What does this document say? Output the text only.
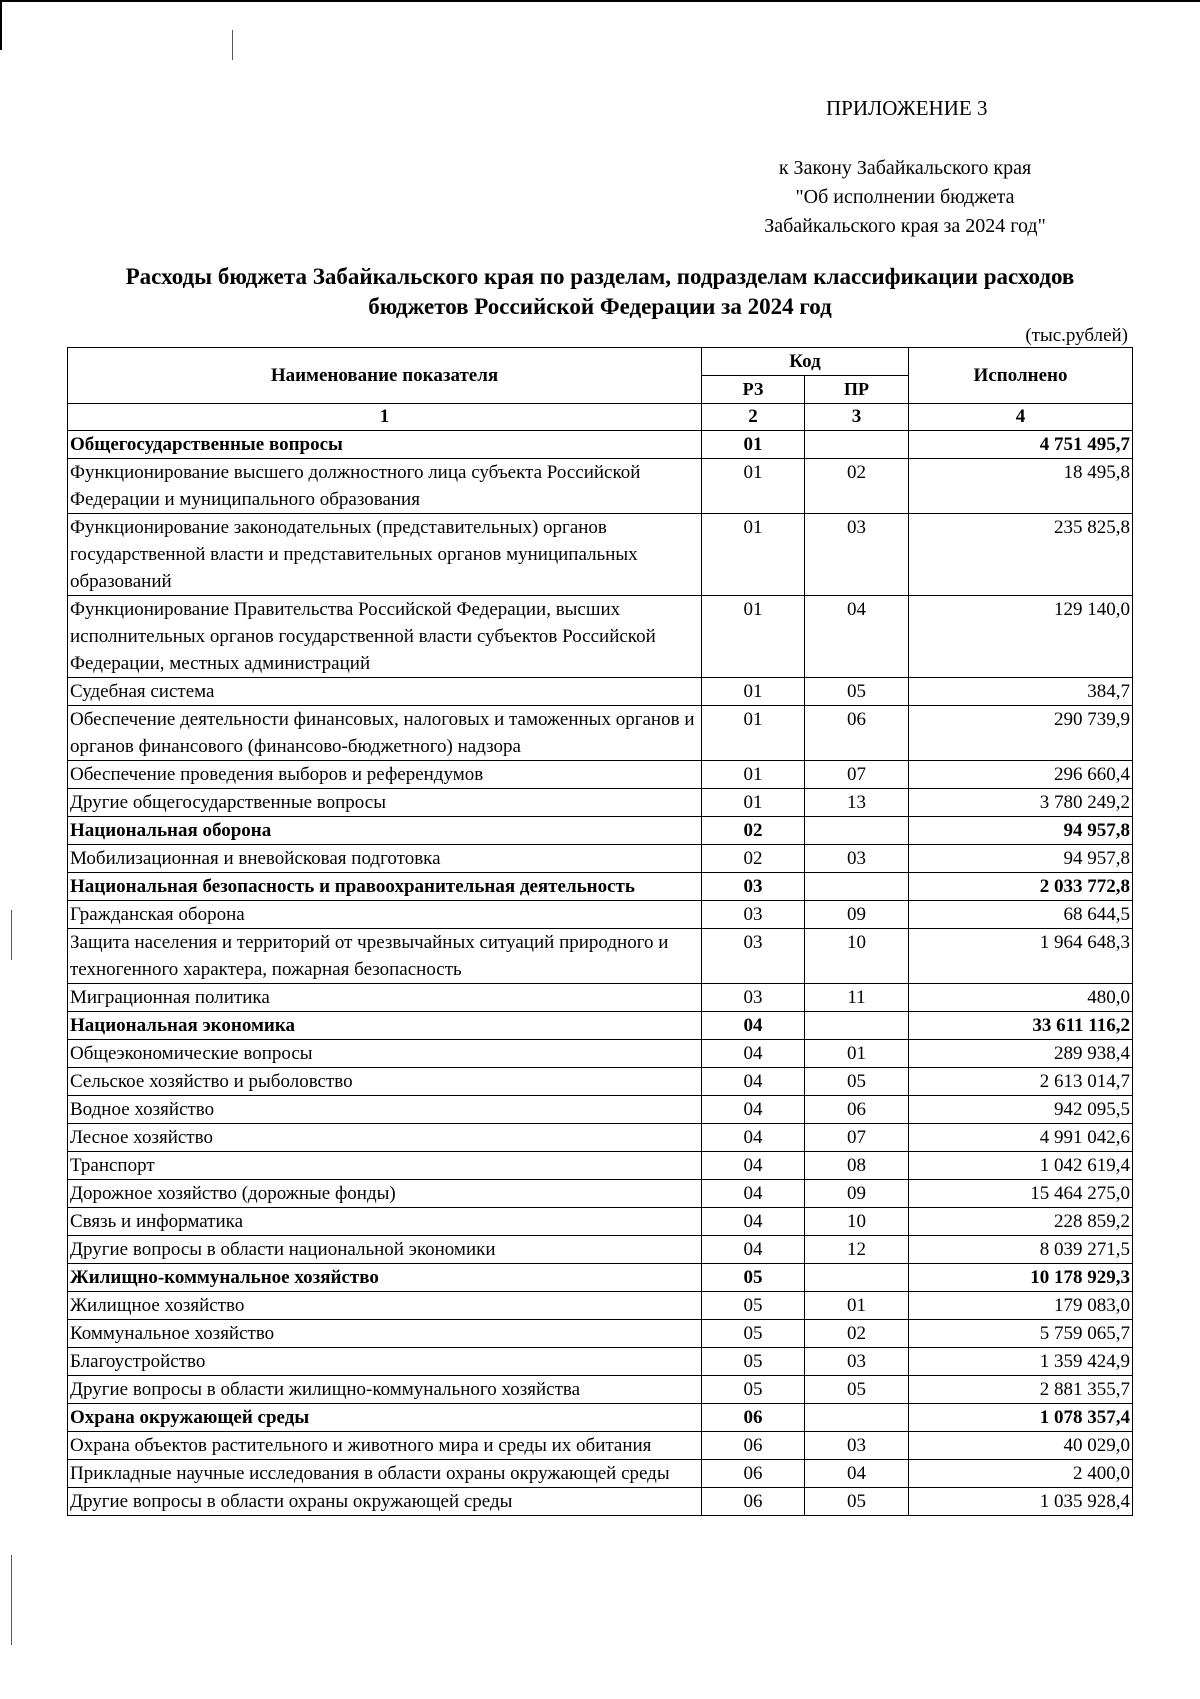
ПРИЛОЖЕНИЕ 3
к Закону Забайкальского края
"Об исполнении бюджета
Забайкальского края за 2024 год"
Расходы бюджета Забайкальского края по разделам, подразделам классификации расходов
бюджетов Российской Федерации за 2024 год
(тыс.рублей)
Наименование показателя	Код		Исполнено
	РЗ	ПР	
1	2	3	4
Общегосударственные вопросы	01		4 751 495,7
Функционирование высшего должностного лица субъекта Российской Федерации и муниципального образования	01	02	18 495,8
Функционирование законодательных (представительных) органов государственной власти и представительных органов муниципальных образований	01	03	235 825,8
Функционирование Правительства Российской Федерации, высших исполнительных органов государственной власти субъектов Российской Федерации, местных администраций	01	04	129 140,0
Судебная система	01	05	384,7
Обеспечение деятельности финансовых, налоговых и таможенных органов и органов финансового (финансово-бюджетного) надзора	01	06	290 739,9
Обеспечение проведения выборов и референдумов	01	07	296 660,4
Другие общегосударственные вопросы	01	13	3 780 249,2
Национальная оборона	02		94 957,8
Мобилизационная и вневойсковая подготовка	02	03	94 957,8
Национальная безопасность и правоохранительная деятельность	03		2 033 772,8
Гражданская оборона	03	09	68 644,5
Защита населения и территорий от чрезвычайных ситуаций природного и техногенного характера, пожарная безопасность	03	10	1 964 648,3
Миграционная политика	03	11	480,0
Национальная экономика	04		33 611 116,2
Общеэкономические вопросы	04	01	289 938,4
Сельское хозяйство и рыболовство	04	05	2 613 014,7
Водное хозяйство	04	06	942 095,5
Лесное хозяйство	04	07	4 991 042,6
Транспорт	04	08	1 042 619,4
Дорожное хозяйство (дорожные фонды)	04	09	15 464 275,0
Связь и информатика	04	10	228 859,2
Другие вопросы в области национальной экономики	04	12	8 039 271,5
Жилищно-коммунальное хозяйство	05		10 178 929,3
Жилищное хозяйство	05	01	179 083,0
Коммунальное хозяйство	05	02	5 759 065,7
Благоустройство	05	03	1 359 424,9
Другие вопросы в области жилищно-коммунального хозяйства	05	05	2 881 355,7
Охрана окружающей среды	06		1 078 357,4
Охрана объектов растительного и животного мира и среды их обитания	06	03	40 029,0
Прикладные научные исследования в области охраны окружающей среды	06	04	2 400,0
Другие вопросы в области охраны окружающей среды	06	05	1 035 928,4
